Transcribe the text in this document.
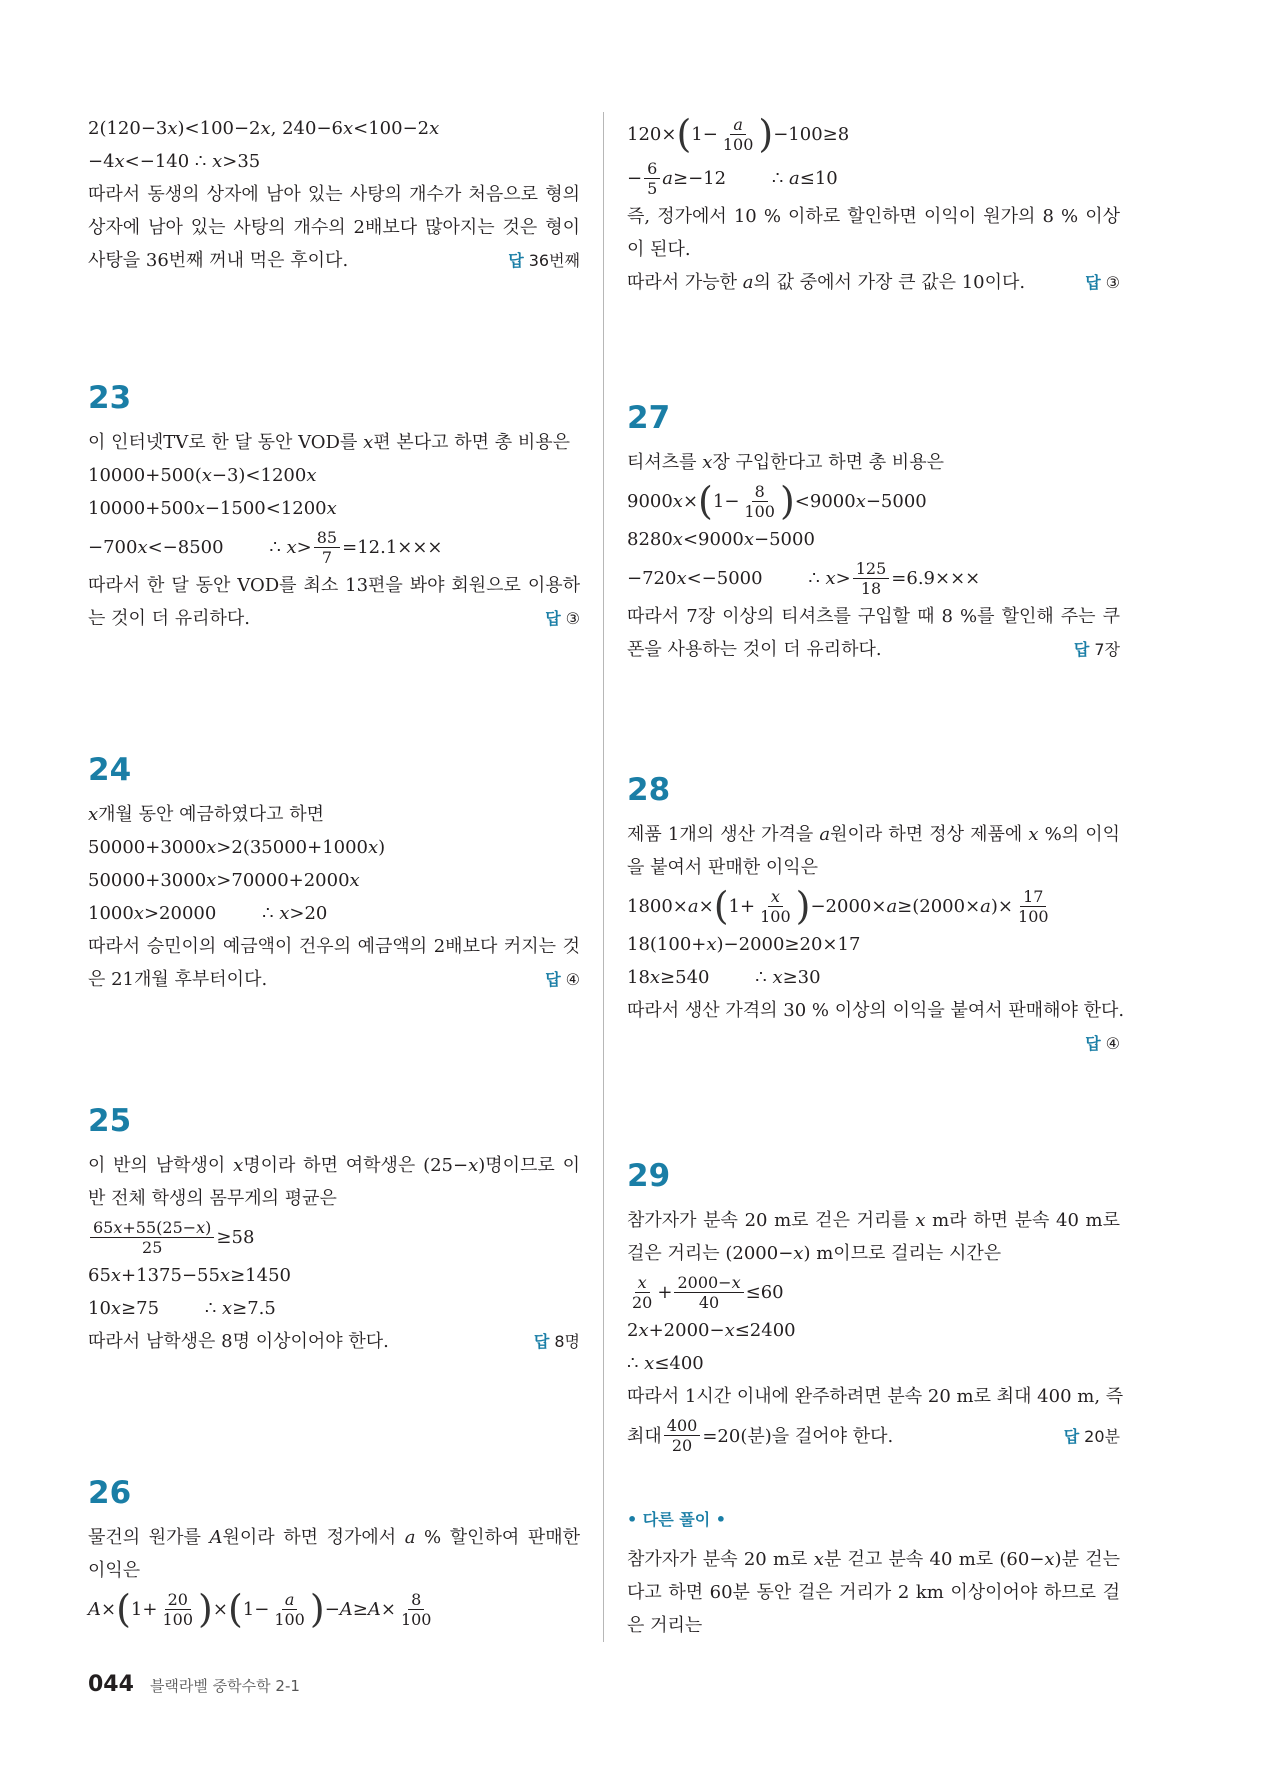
2(120−3𝑥)<100−2𝑥, 240−6𝑥<100−2𝑥
−4𝑥<−140 ∴ 𝑥>35
따라서 동생의 상자에 남아 있는 사탕의 개수가 처음으로 형의 상자에 남아 있는 사탕의 개수의 2배보다 많아지는 것은 형이 사탕을 36번째 꺼내 먹은 후이다.	답 36번째
23
이 인터넷TV로 한 달 동안 VOD를 𝑥편 본다고 하면 총 비용은
10000+500(𝑥−3)<1200𝑥
10000+500𝑥−1500<1200𝑥
−700𝑥<−8500        ∴ 𝑥> $\frac{85}{7} =12.1\times\times\times$
따라서 한 달 동안 VOD를 최소 13편을 봐야 회원으로 이용하는 것이 더 유리하다.	답 ③
24
𝑥개월 동안 예금하였다고 하면
50000+3000𝑥>2(35000+1000𝑥)
50000+3000𝑥>70000+2000𝑥
1000𝑥>20000        ∴ 𝑥>20
따라서 승민이의 예금액이 건우의 예금액의 2배보다 커지는 것은 21개월 후부터이다.	답 ④
25
이 반의 남학생이 𝑥명이라 하면 여학생은 (25−𝑥)명이므로 이 반 전체 학생의 몸무게의 평균은
$\frac{\text{65𝑥+55(25−𝑥)}}{25} \ge 58$
65𝑥+1375−55𝑥≥1450
10𝑥≥75        ∴ 𝑥≥7.5
따라서 남학생은 8명 이상이어야 한다.	답 8명
26
물건의 원가를 𝐴원이라 하면 정가에서 𝑎 % 할인하여 판매한 이익은
𝐴× ( $1+ \frac{20}{100}$ ) × ( $1- \frac{\text{𝑎}}{100}$ ) −𝐴≥𝐴× $\frac{8}{100}$
120× ( $1- \frac{\text{𝑎}}{100}$ ) −100≥8
− $\frac{6}{5}$ 𝑎≥−12        ∴ 𝑎≤10
즉, 정가에서 10 % 이하로 할인하면 이익이 원가의 8 % 이상이 된다.
따라서 가능한 𝑎의 값 중에서 가장 큰 값은 10이다.	답 ③
27
티셔츠를 𝑥장 구입한다고 하면 총 비용은
9000𝑥× ( $1- \frac{8}{100}$ ) <9000𝑥−5000
8280𝑥<9000𝑥−5000
−720𝑥<−5000        ∴ 𝑥> $\frac{125}{18} =6.9\times\times\times$
따라서 7장 이상의 티셔츠를 구입할 때 8 %를 할인해 주는 쿠폰을 사용하는 것이 더 유리하다.	답 7장
28
제품 1개의 생산 가격을 𝑎원이라 하면 정상 제품에 𝑥 %의 이익을 붙여서 판매한 이익은
1800×𝑎× ( $1+ \frac{\text{𝑥}}{100}$ ) −2000×𝑎≥(2000×𝑎)× $\frac{17}{100}$
18(100+𝑥)−2000≥20×17
18𝑥≥540        ∴ 𝑥≥30
따라서 생산 가격의 30 % 이상의 이익을 붙여서 판매해야 한다.
답 ④
29
참가자가 분속 20 m로 걷은 거리를 𝑥 m라 하면 분속 40 m로 걸은 거리는 (2000−𝑥) m이므로 걸리는 시간은
$\frac{\text{𝑥}}{20} + \frac{\text{2000−𝑥}}{40} \le 60$
2𝑥+2000−𝑥≤2400
∴ 𝑥≤400
따라서 1시간 이내에 완주하려면 분속 20 m로 최대 400 m, 즉
최대 $\frac{400}{20} =20$(분)을 걸어야 한다.	답 20분
• 다른 풀이 •
참가자가 분속 20 m로 𝑥분 걷고 분속 40 m로 (60−𝑥)분 걷는다고 하면 60분 동안 걸은 거리가 2 km 이상이어야 하므로 걸은 거리는
044 블랙라벨 중학수학 2-1
